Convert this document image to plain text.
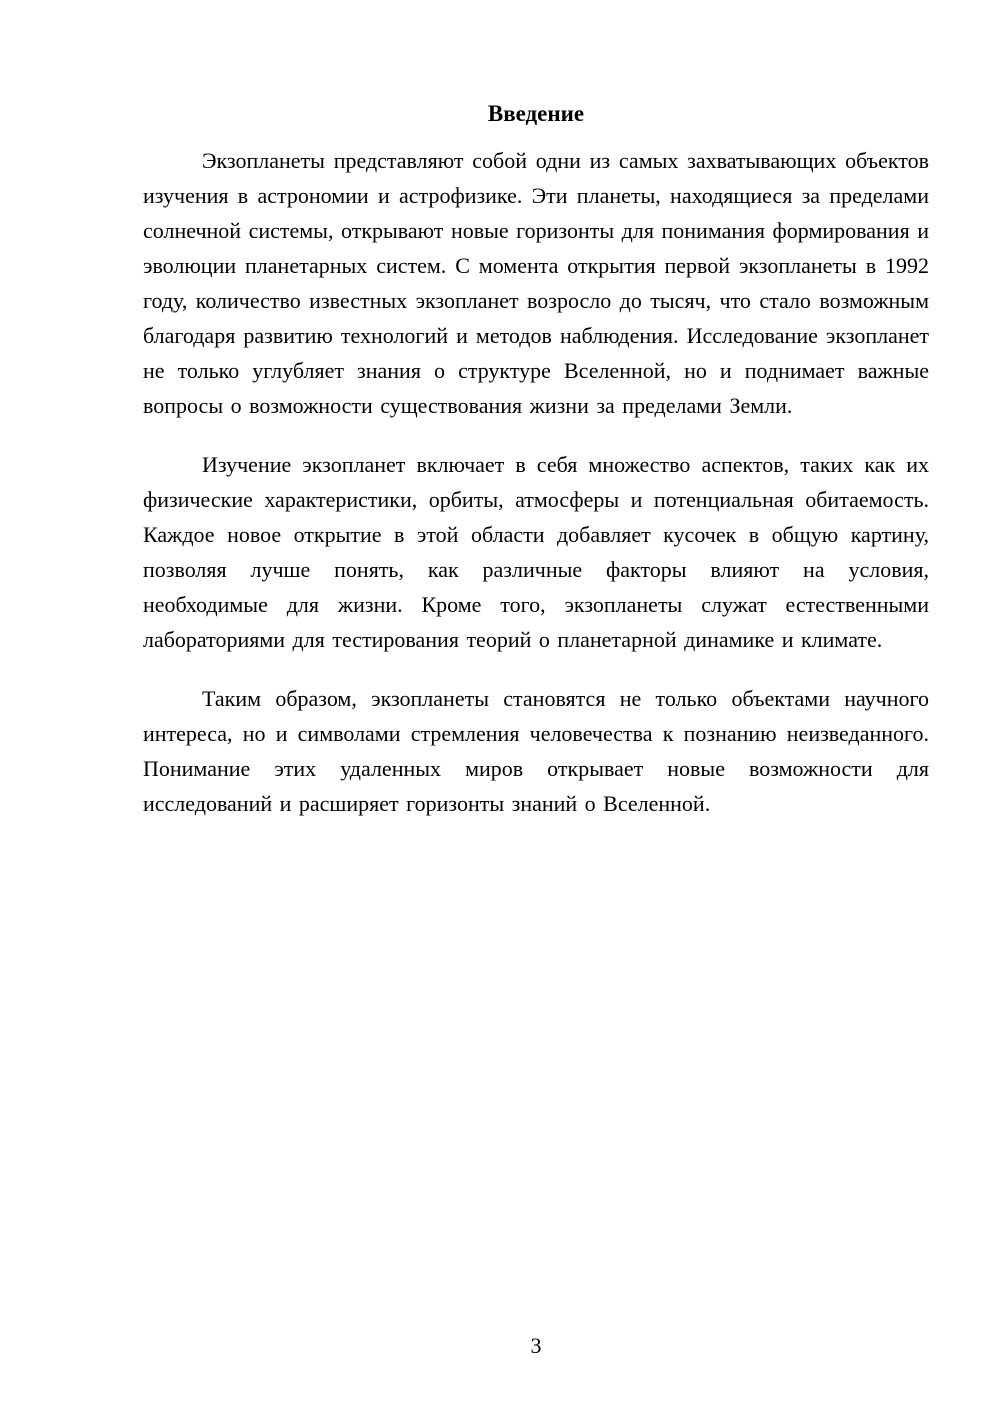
Введение

Экзопланеты представляют собой одни из самых захватывающих объектов изучения в астрономии и астрофизике. Эти планеты, находящиеся за пределами солнечной системы, открывают новые горизонты для понимания формирования и эволюции планетарных систем. С момента открытия первой экзопланеты в 1992 году, количество известных экзопланет возросло до тысяч, что стало возможным благодаря развитию технологий и методов наблюдения. Исследование экзопланет не только углубляет знания о структуре Вселенной, но и поднимает важные вопросы о возможности существования жизни за пределами Земли.

Изучение экзопланет включает в себя множество аспектов, таких как их физические характеристики, орбиты, атмосферы и потенциальная обитаемость. Каждое новое открытие в этой области добавляет кусочек в общую картину, позволяя лучше понять, как различные факторы влияют на условия, необходимые для жизни. Кроме того, экзопланеты служат естественными лабораториями для тестирования теорий о планетарной динамике и климате.

Таким образом, экзопланеты становятся не только объектами научного интереса, но и символами стремления человечества к познанию неизведанного. Понимание этих удаленных миров открывает новые возможности для исследований и расширяет горизонты знаний о Вселенной.

3
